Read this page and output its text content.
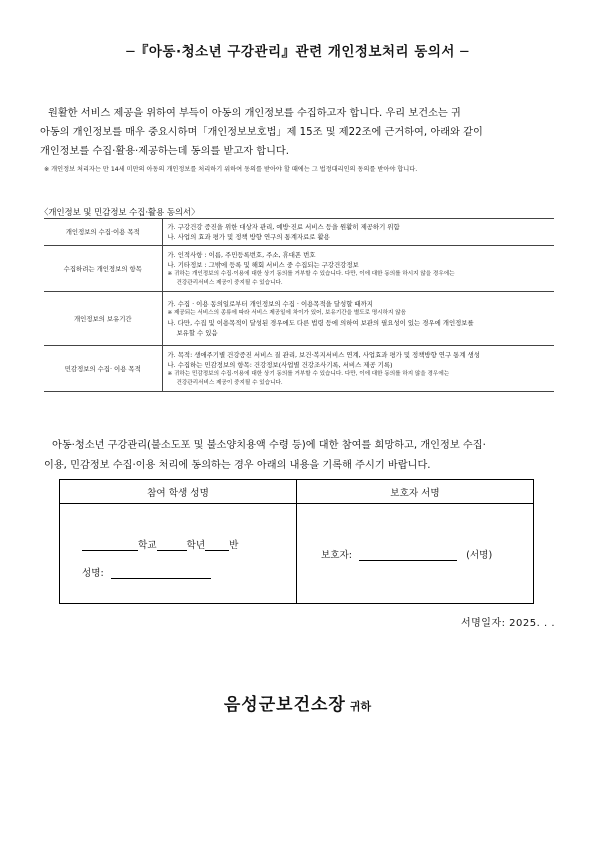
─『아동·청소년 구강관리』관련 개인정보처리 동의서 ─

원활한 서비스 제공을 위하여 부득이 아동의 개인정보를 수집하고자 합니다. 우리 보건소는 귀

아동의 개인정보를 매우 중요시하며「개인정보보호법」제 15조 및 제22조에 근거하여, 아래와 같이

개인정보를 수집·활용·제공하는데 동의를 받고자 합니다.

※ 개인정보 처리자는 만 14세 미만의 아동의 개인정보를 처리하기 위하여 동의를 받아야 할 때에는 그 법정대리인의 동의를 받아야 합니다.
〈개인정보 및 민감정보 수집·활용 동의서〉
개인정보의 수집·이용 목적	가. 구강건강 증진을 위한 대상자 관리, 예방·진료 서비스 등을 원활히 제공하기 위함
나. 사업의 효과 평가 및 정책 방향 연구의 통계자료로 활용

수집하려는 개인정보의 항목	가. 인적사항 : 이름, 주민등록번호, 주소, 휴대폰 번호
나. 기타정보 : 그밖에 등록 및 해회 서비스 중 수집되는 구강건강정보
※ 귀하는 개인정보의 수집·이용에 대한 상기 동의를 거부할 수 있습니다. 다만, 이에 대한 동의를 하시지 않을 경우에는
건강관리서비스 제공이 중지될 수 있습니다.

개인정보의 보유기간	가. 수집 · 이용 동의일로부터 개인정보의 수집 · 이용목적을 달성할 때까지
※ 제공되는 서비스의 종류에 따라 서비스 제공일에 차이가 있어, 보유기간을 별도로 명시하지 않음
나. 다만, 수집 및 이용목적이 달성된 경우에도 다른 법령 등에 의하여 보관의 필요성이 있는 경우에 개인정보를
보유할 수 있음

민감정보의 수집· 이용 목적	가. 목적: 생애주기별 건강증진 서비스 질 관리, 보건·복지서비스 연계, 사업효과 평가 및 정책방향 연구 통계 생성
나. 수집하는 민감정보의 항목: 건강정보(사업별 건강조사기록, 서비스 제공 기록)
※ 귀하는 민감정보의 수집·이용에 대한 상기 동의를 거부할 수 있습니다. 다만, 이에 대한 동의를 하지 않을 경우에는
건강관리서비스 제공이 중지될 수 있습니다.

아동·청소년 구강관리(불소도포 및 불소양치용액 수령 등)에 대한 참여를 희망하고, 개인정보 수집·

이용, 민감정보 수집·이용 처리에 동의하는 경우 아래의 내용을 기록해 주시기 바랍니다.

참여 학생 성명	보호자 서명

학교 학년 반
성명:	보호자: (서명)
서명일자: 2025. . .
음성군보건소장 귀하
